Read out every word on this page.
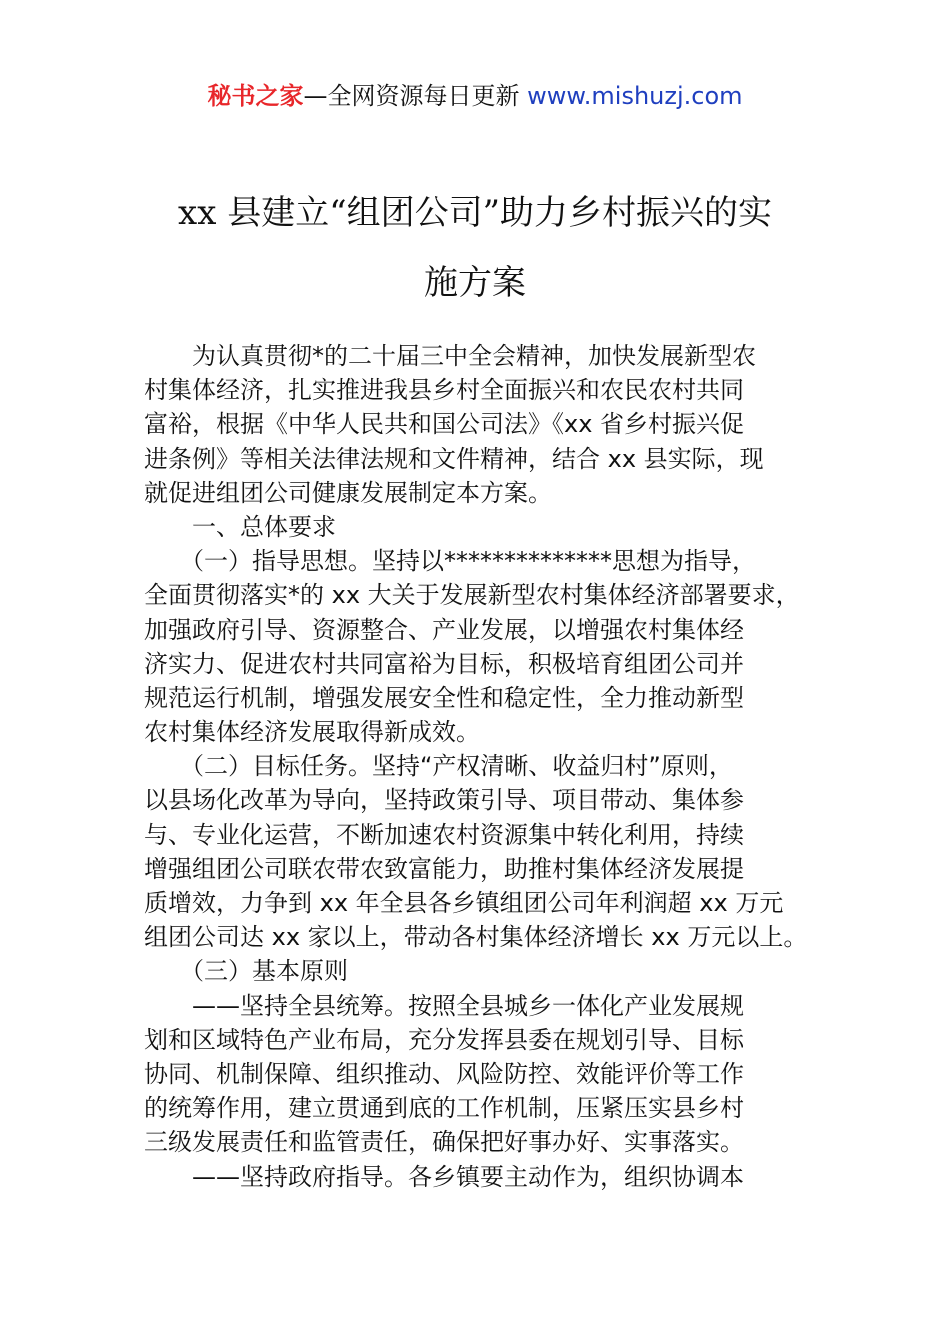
秘书之家—全网资源每日更新 www.mishuzj.com
xx 县建立“组团公司”助力乡村振兴的实
施方案
　　为认真贯彻*的二十届三中全会精神，加快发展新型农
村集体经济，扎实推进我县乡村全面振兴和农民农村共同
富裕，根据《中华人民共和国公司法》《xx 省乡村振兴促
进条例》等相关法律法规和文件精神，结合 xx 县实际，现
就促进组团公司健康发展制定本方案。
　　一、总体要求
　　（一）指导思想。坚持以**************思想为指导，
全面贯彻落实*的 xx 大关于发展新型农村集体经济部署要求，
加强政府引导、资源整合、产业发展，以增强农村集体经
济实力、促进农村共同富裕为目标，积极培育组团公司并
规范运行机制，增强发展安全性和稳定性，全力推动新型
农村集体经济发展取得新成效。
　　（二）目标任务。坚持“产权清晰、收益归村”原则，
以县场化改革为导向，坚持政策引导、项目带动、集体参
与、专业化运营，不断加速农村资源集中转化利用，持续
增强组团公司联农带农致富能力，助推村集体经济发展提
质增效，力争到 xx 年全县各乡镇组团公司年利润超 xx 万元
组团公司达 xx 家以上，带动各村集体经济增长 xx 万元以上。
　　（三）基本原则
　　——坚持全县统筹。按照全县城乡一体化产业发展规
划和区域特色产业布局，充分发挥县委在规划引导、目标
协同、机制保障、组织推动、风险防控、效能评价等工作
的统筹作用，建立贯通到底的工作机制，压紧压实县乡村
三级发展责任和监管责任，确保把好事办好、实事落实。
　　——坚持政府指导。各乡镇要主动作为，组织协调本
